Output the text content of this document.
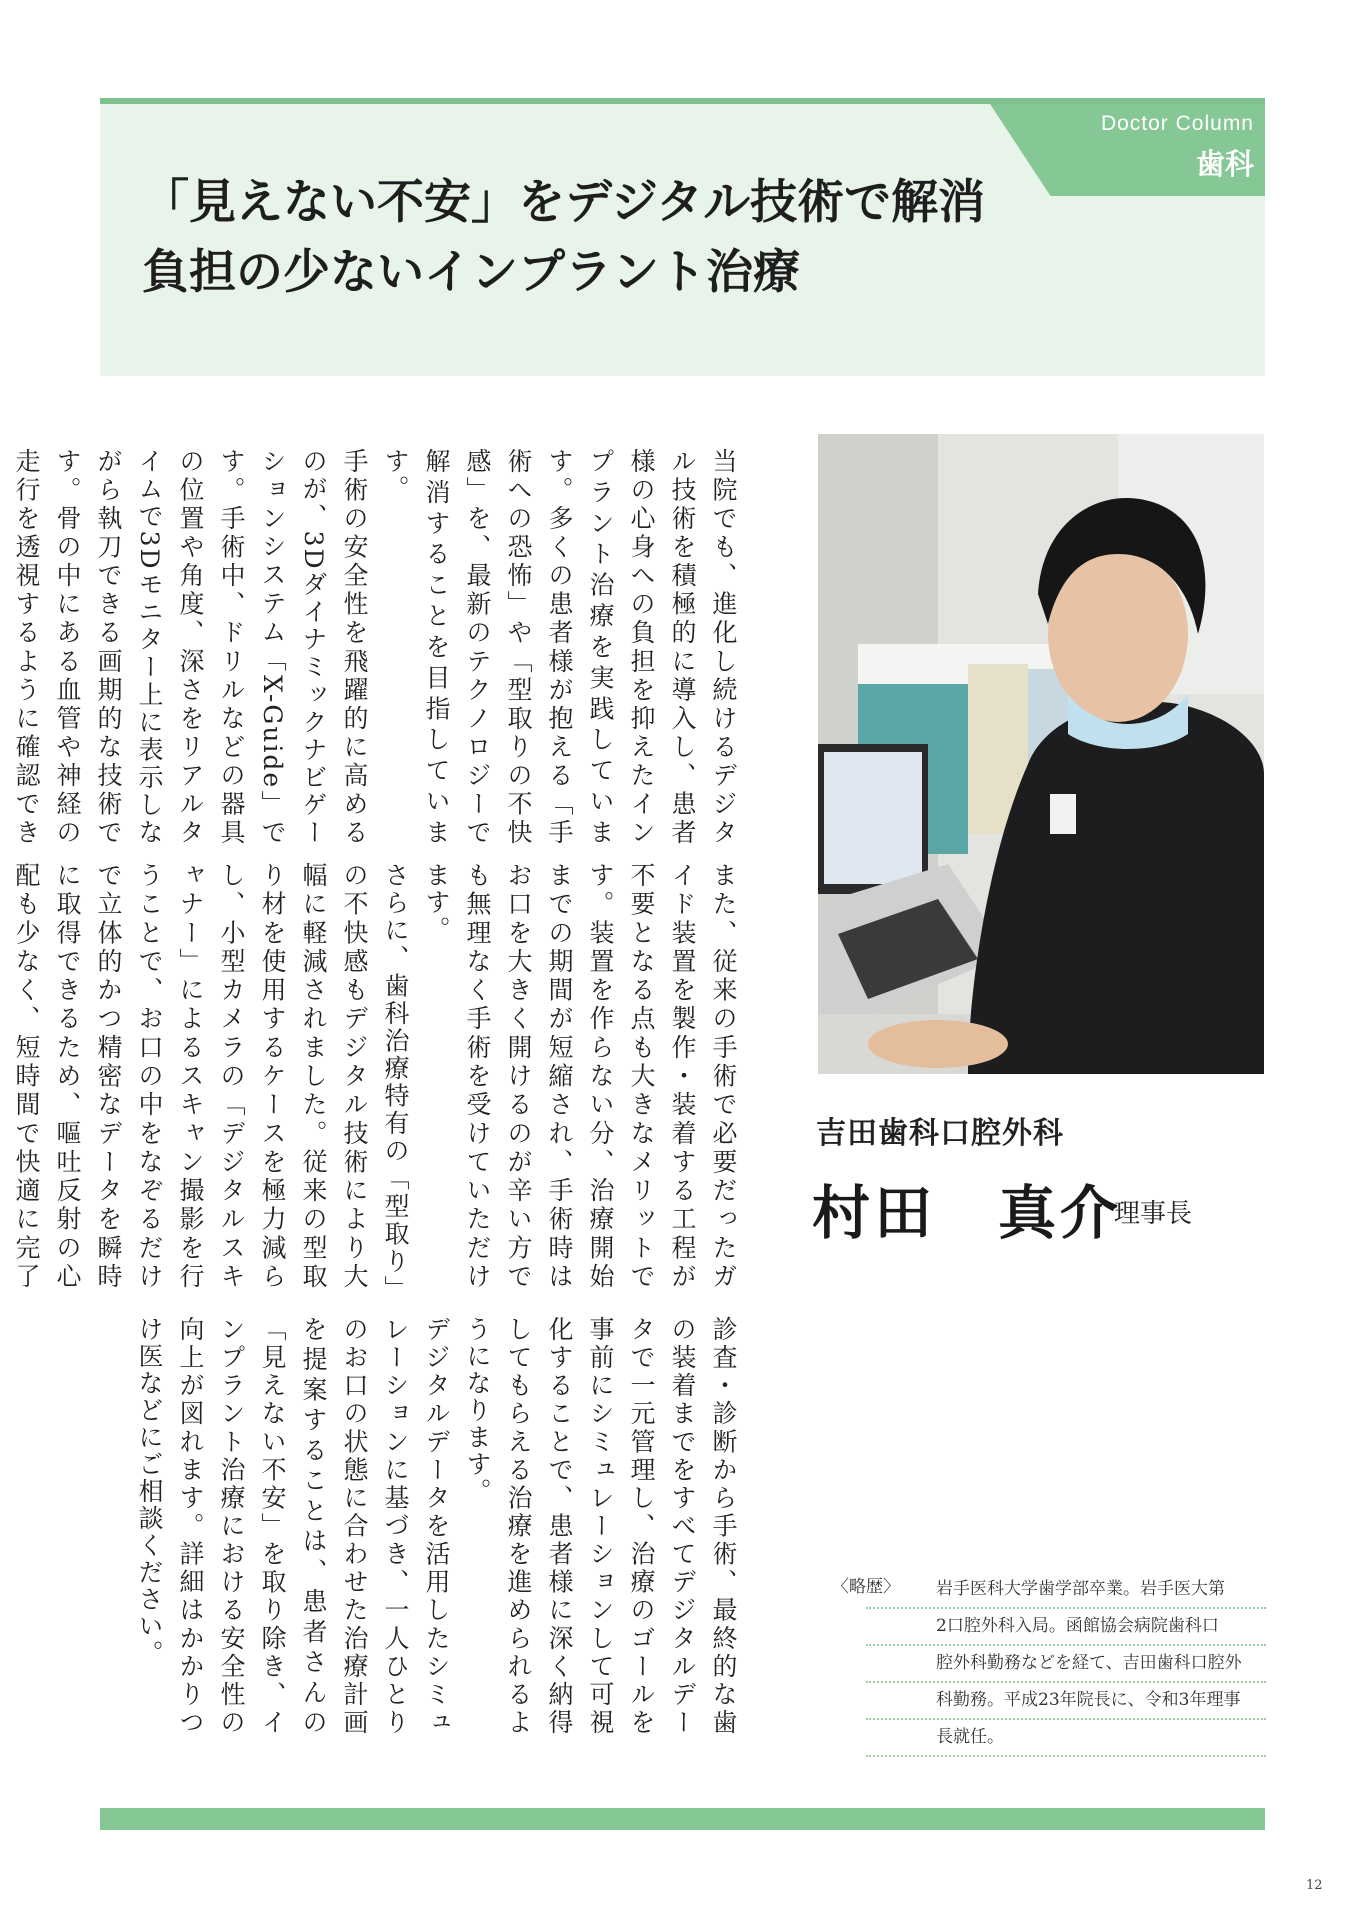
Doctor Column
歯科
「見えない不安」をデジタル技術で解消
負担の少ないインプラント治療
吉田歯科口腔外科
村田　真介
理事長

当院でも、進化し続けるデジタル技術を積極的に導入し、患者様の心身への負担を抑えたインプラント治療を実践しています。多くの患者様が抱える「手術への恐怖」や「型取りの不快感」を、最新のテクノロジーで解消することを目指しています。

手術の安全性を飛躍的に高めるのが、3Dダイナミックナビゲーションシステム「X-Guide」です。手術中、ドリルなどの器具の位置や角度、深さをリアルタイムで3Dモニター上に表示しながら執刀できる画期的な技術です。骨の中にある血管や神経の走行を透視するように確認でき

また、従来の手術で必要だったガイド装置を製作・装着する工程が不要となる点も大きなメリットです。装置を作らない分、治療開始までの期間が短縮され、手術時はお口を大きく開けるのが辛い方でも無理なく手術を受けていただけます。

さらに、歯科治療特有の「型取り」の不快感もデジタル技術により大幅に軽減されました。従来の型取り材を使用するケースを極力減らし、小型カメラの「デジタルスキャナー」によるスキャン撮影を行うことで、お口の中をなぞるだけで立体的かつ精密なデータを瞬時に取得できるため、嘔吐反射の心配も少なく、短時間で快適に完了

診査・診断から手術、最終的な歯の装着までをすべてデジタルデータで一元管理し、治療のゴールを事前にシミュレーションして可視化することで、患者様に深く納得してもらえる治療を進められるようになります。

デジタルデータを活用したシミュレーションに基づき、一人ひとりのお口の状態に合わせた治療計画を提案することは、患者さんの「見えない不安」を取り除き、インプラント治療における安全性の向上が図れます。詳細はかかりつけ医などにご相談ください。	〈略歴〉	岩手医科大学歯学部卒業。岩手医大第
2口腔外科入局。函館協会病院歯科口
腔外科勤務などを経て、吉田歯科口腔外
科勤務。平成23年院長に、令和3年理事
長就任。
12
